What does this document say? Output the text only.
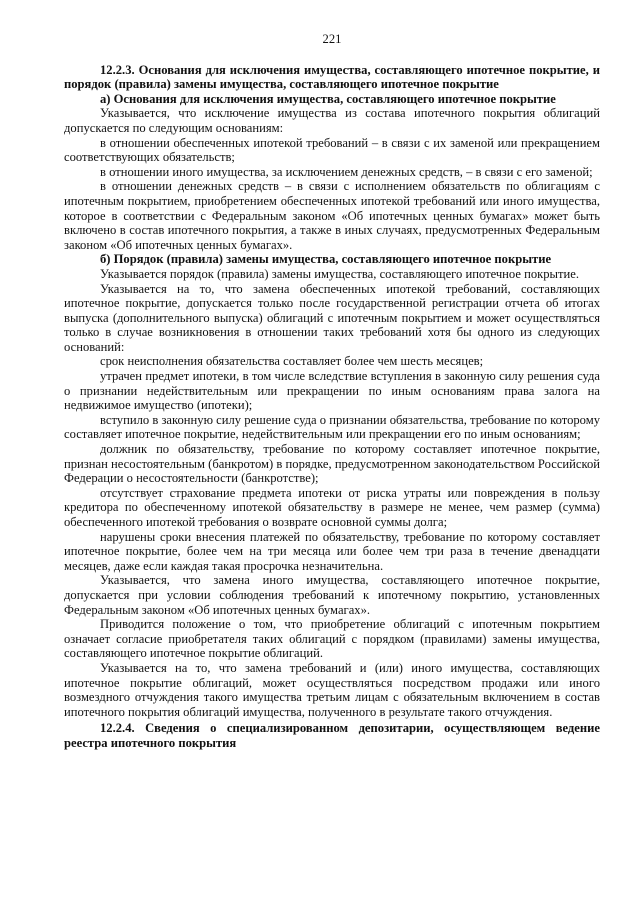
221

12.2.3. Основания для исключения имущества, составляющего ипотечное покрытие, и порядок (правила) замены имущества, составляющего ипотечное покрытие

а) Основания для исключения имущества, составляющего ипотечное покрытие

Указывается, что исключение имущества из состава ипотечного покрытия облигаций допускается по следующим основаниям:

в отношении обеспеченных ипотекой требований – в связи с их заменой или прекращением соответствующих обязательств;

в отношении иного имущества, за исключением денежных средств, – в связи с его заменой;

в отношении денежных средств – в связи с исполнением обязательств по облигациям с ипотечным покрытием, приобретением обеспеченных ипотекой требований или иного имущества, которое в соответствии с Федеральным законом «Об ипотечных ценных бумагах» может быть включено в состав ипотечного покрытия, а также в иных случаях, предусмотренных Федеральным законом «Об ипотечных ценных бумагах».

б) Порядок (правила) замены имущества, составляющего ипотечное покрытие

Указывается порядок (правила) замены имущества, составляющего ипотечное покрытие.

Указывается на то, что замена обеспеченных ипотекой требований, составляющих ипотечное покрытие, допускается только после государственной регистрации отчета об итогах выпуска (дополнительного выпуска) облигаций с ипотечным покрытием и может осуществляться только в случае возникновения в отношении таких требований хотя бы одного из следующих оснований:

срок неисполнения обязательства составляет более чем шесть месяцев;

утрачен предмет ипотеки, в том числе вследствие вступления в законную силу решения суда о признании недействительным или прекращении по иным основаниям права залога на недвижимое имущество (ипотеки);

вступило в законную силу решение суда о признании обязательства, требование по которому составляет ипотечное покрытие, недействительным или прекращении его по иным основаниям;

должник по обязательству, требование по которому составляет ипотечное покрытие, признан несостоятельным (банкротом) в порядке, предусмотренном законодательством Российской Федерации о несостоятельности (банкротстве);

отсутствует страхование предмета ипотеки от риска утраты или повреждения в пользу кредитора по обеспеченному ипотекой обязательству в размере не менее, чем размер (сумма) обеспеченного ипотекой требования о возврате основной суммы долга;

нарушены сроки внесения платежей по обязательству, требование по которому составляет ипотечное покрытие, более чем на три месяца или более чем три раза в течение двенадцати месяцев, даже если каждая такая просрочка незначительна.

Указывается, что замена иного имущества, составляющего ипотечное покрытие, допускается при условии соблюдения требований к ипотечному покрытию, установленных Федеральным законом «Об ипотечных ценных бумагах».

Приводится положение о том, что приобретение облигаций с ипотечным покрытием означает согласие приобретателя таких облигаций с порядком (правилами) замены имущества, составляющего ипотечное покрытие облигаций.

Указывается на то, что замена требований и (или) иного имущества, составляющих ипотечное покрытие облигаций, может осуществляться посредством продажи или иного возмездного отчуждения такого имущества третьим лицам с обязательным включением в состав ипотечного покрытия облигаций имущества, полученного в результате такого отчуждения.

12.2.4. Сведения о специализированном депозитарии, осуществляющем ведение реестра ипотечного покрытия
